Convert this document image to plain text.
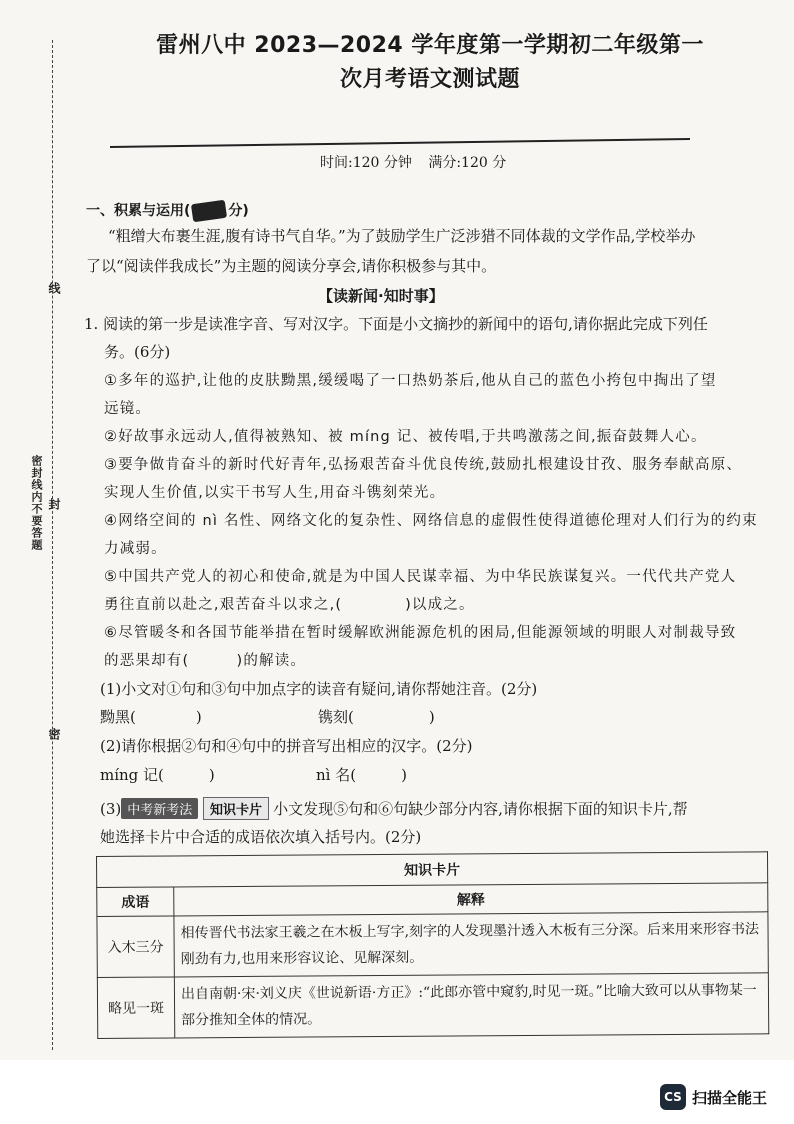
密封线内不要答题
线
封
密
雷州八中 2023—2024 学年度第一学期初二年级第一
次月考语文测试题
时间:120 分钟 满分:120 分
一、积累与运用(	分)
“粗缯大布裹生涯,腹有诗书气自华。”为了鼓励学生广泛涉猎不同体裁的文学作品,学校举办
了以“阅读伴我成长”为主题的阅读分享会,请你积极参与其中。
【读新闻·知时事】
1. 阅读的第一步是读准字音、写对汉字。下面是小文摘抄的新闻中的语句,请你据此完成下列任
务。(6分)
①多年的巡护,让他的皮肤黝黑,缓缓喝了一口热奶茶后,他从自己的蓝色小挎包中掏出了望
远镜。
②好故事永远动人,值得被熟知、被 míng 记、被传唱,于共鸣激荡之间,振奋鼓舞人心。
③要争做肯奋斗的新时代好青年,弘扬艰苦奋斗优良传统,鼓励扎根建设甘孜、服务奉献高原、
实现人生价值,以实干书写人生,用奋斗镌刻荣光。
④网络空间的 nì 名性、网络文化的复杂性、网络信息的虚假性使得道德伦理对人们行为的约束
力减弱。
⑤中国共产党人的初心和使命,就是为中国人民谋幸福、为中华民族谋复兴。一代代共产党人
勇往直前以赴之,艰苦奋斗以求之,(　　　　)以成之。
⑥尽管暖冬和各国节能举措在暂时缓解欧洲能源危机的困局,但能源领域的明眼人对制裁导致
的恶果却有(　　　)的解读。
(1)小文对①句和③句中加点字的读音有疑问,请你帮她注音。(2分)
黝黑(　　　　)	镌刻(　　　　　)
(2)请你根据②句和④句中的拼音写出相应的汉字。(2分)
míng 记(　　　)	nì 名(　　　)
(3) 中考新考法 知识卡片 小文发现⑤句和⑥句缺少部分内容,请你根据下面的知识卡片,帮
她选择卡片中合适的成语依次填入括号内。(2分)
知识卡片	
成语	解释
入木三分	相传晋代书法家王羲之在木板上写字,刻字的人发现墨汁透入木板有三分深。后来用来形容书法刚劲有力,也用来形容议论、见解深刻。
略见一斑	出自南朝·宋·刘义庆《世说新语·方正》:“此郎亦管中窥豹,时见一斑。”比喻大致可以从事物某一部分推知全体的情况。
CS 扫描全能王
